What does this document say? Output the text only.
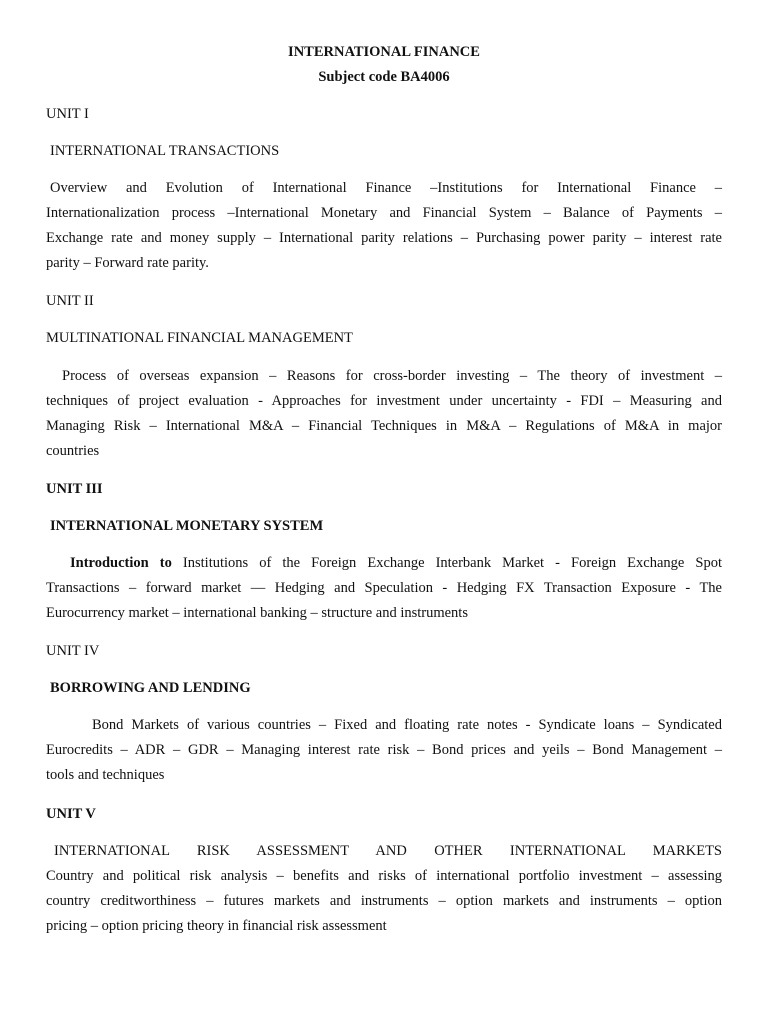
INTERNATIONAL FINANCE
Subject code BA4006
UNIT I
INTERNATIONAL TRANSACTIONS
Overview and Evolution of International Finance –Institutions for International Finance –
Internationalization process –International Monetary and Financial System – Balance of Payments –
Exchange rate and money supply – International parity relations – Purchasing power parity – interest rate
parity – Forward rate parity.
UNIT II
MULTINATIONAL FINANCIAL MANAGEMENT
Process of overseas expansion – Reasons for cross-border investing – The theory of investment –
techniques of project evaluation - Approaches for investment under uncertainty - FDI – Measuring and
Managing Risk – International M&A – Financial Techniques in M&A – Regulations of M&A in major
countries
UNIT III
INTERNATIONAL MONETARY SYSTEM
Introduction to Institutions of the Foreign Exchange Interbank Market - Foreign Exchange Spot
Transactions – forward market — Hedging and Speculation - Hedging FX Transaction Exposure - The
Eurocurrency market – international banking – structure and instruments
UNIT IV
BORROWING AND LENDING
Bond Markets of various countries – Fixed and floating rate notes - Syndicate loans – Syndicated
Eurocredits – ADR – GDR – Managing interest rate risk – Bond prices and yeils – Bond Management –
tools and techniques
UNIT V
INTERNATIONAL RISK ASSESSMENT AND OTHER INTERNATIONAL MARKETS
Country and political risk analysis – benefits and risks of international portfolio investment – assessing
country creditworthiness – futures markets and instruments – option markets and instruments – option
pricing – option pricing theory in financial risk assessment
